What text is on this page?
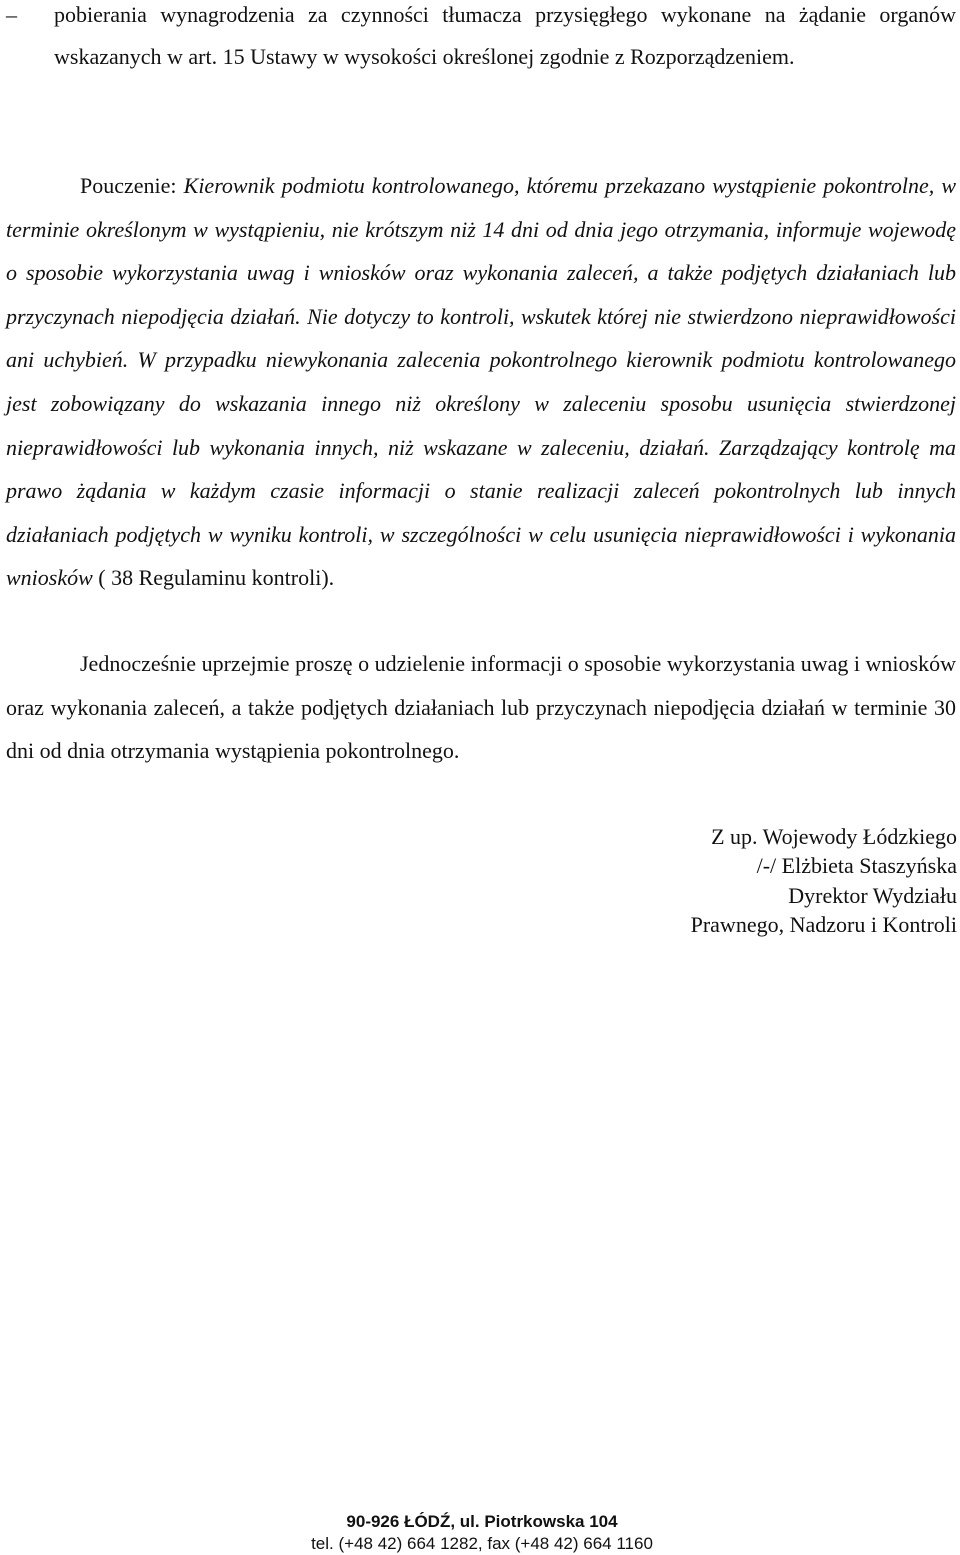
–	pobierania wynagrodzenia za czynności tłumacza przysięgłego wykonane na żądanie organów wskazanych w art. 15 Ustawy w wysokości określonej zgodnie z Rozporządzeniem.

Pouczenie: Kierownik podmiotu kontrolowanego, któremu przekazano wystąpienie pokontrolne, w terminie określonym w wystąpieniu, nie krótszym niż 14 dni od dnia jego otrzymania, informuje wojewodę o sposobie wykorzystania uwag i wniosków oraz wykonania zaleceń, a także podjętych działaniach lub przyczynach niepodjęcia działań. Nie dotyczy to kontroli, wskutek której nie stwierdzono nieprawidłowości ani uchybień. W przypadku niewykonania zalecenia pokontrolnego kierownik podmiotu kontrolowanego jest zobowiązany do wskazania innego niż określony w zaleceniu sposobu usunięcia stwierdzonej nieprawidłowości lub wykonania innych, niż wskazane w zaleceniu, działań. Zarządzający kontrolę ma prawo żądania w każdym czasie informacji o stanie realizacji zaleceń pokontrolnych lub innych działaniach podjętych w wyniku kontroli, w szczególności w celu usunięcia nieprawidłowości i wykonania wniosków ( 38 Regulaminu kontroli).

Jednocześnie uprzejmie proszę o udzielenie informacji o sposobie wykorzystania uwag i wniosków oraz wykonania zaleceń, a także podjętych działaniach lub przyczynach niepodjęcia działań w terminie 30 dni od dnia otrzymania wystąpienia pokontrolnego.

Z up. Wojewody Łódzkiego
/-/ Elżbieta Staszyńska
Dyrektor Wydziału
Prawnego, Nadzoru i Kontroli
90-926 ŁÓDŹ, ul. Piotrkowska 104
tel. (+48 42) 664 1282, fax (+48 42) 664 1160
